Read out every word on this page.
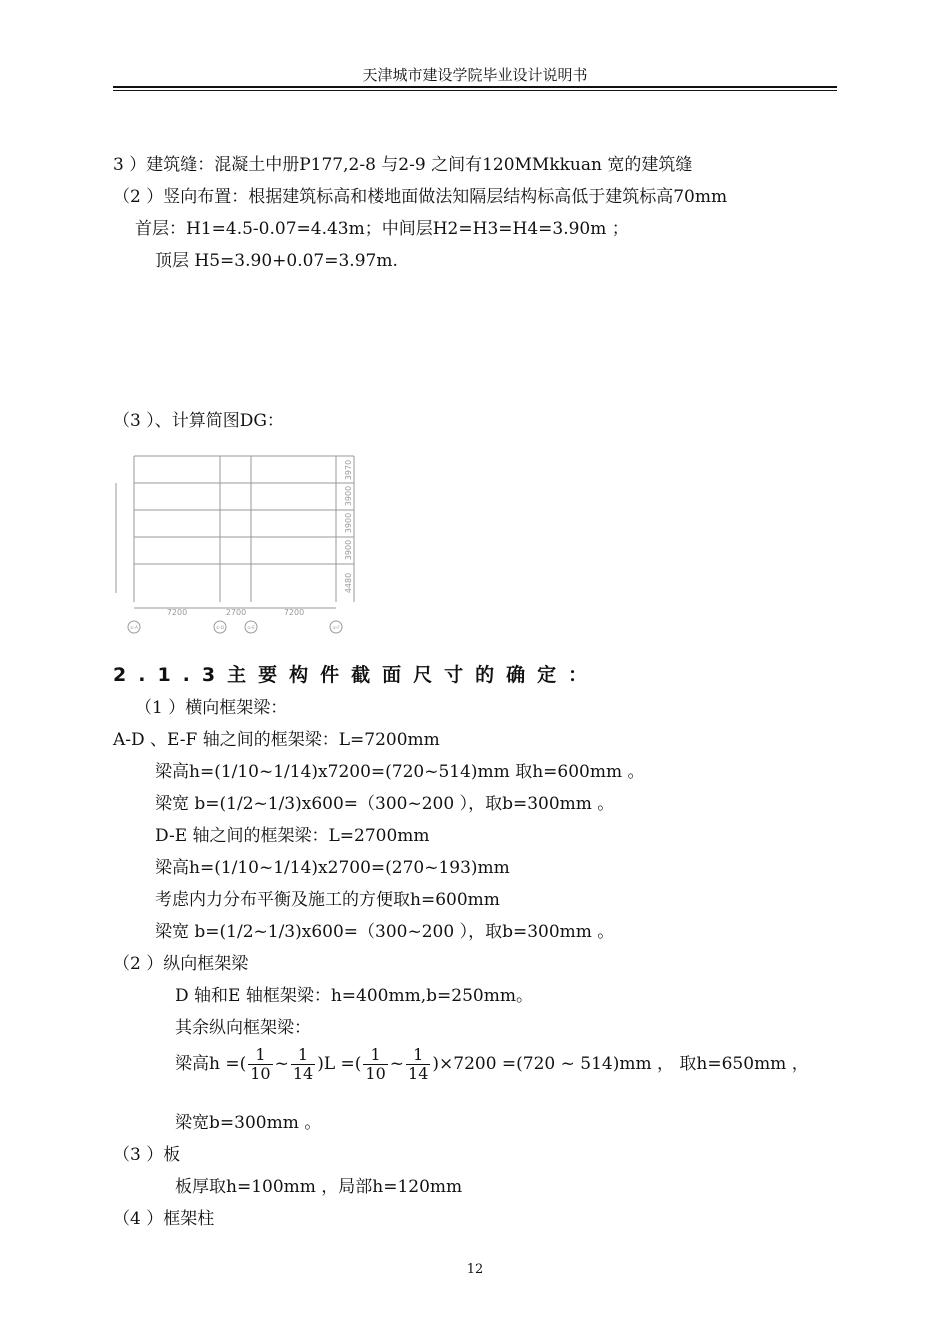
天津城市建设学院毕业设计说明书
3 ）建筑缝：混凝土中册P177,2-8 与2-9 之间有120MMkkuan 宽的建筑缝
（2 ）竖向布置：根据建筑标高和楼地面做法知隔层结构标高低于建筑标高70mm
首层：H1=4.5-0.07=4.43m；中间层H2=H3=H4=3.90m ；
顶层 H5=3.90+0.07=3.97m.
（3 ）、计算简图DG：
3970
3900
3900
3900
4480
7200	2700	7200
①-A	①-D	①-E	①-F
2.1.3主要构件截面尺寸的确定：
（1 ）横向框架梁：
A-D 、E-F 轴之间的框架梁：L=7200mm
梁高h=(1/10~1/14)x7200=(720~514)mm 取h=600mm 。
梁宽 b=(1/2~1/3)x600=（300~200 ），取b=300mm 。
D-E 轴之间的框架梁：L=2700mm
梁高h=(1/10~1/14)x2700=(270~193)mm
考虑内力分布平衡及施工的方便取h=600mm
梁宽 b=(1/2~1/3)x600=（300~200 ），取b=300mm 。
（2 ）纵向框架梁
D 轴和E 轴框架梁：h=400mm,b=250mm。
其余纵向框架梁：
梁高h =( $\frac{1}{10}$ ~ $\frac{1}{14} )L$ =( $\frac{1}{10}$ ~ $\frac{1}{14} )\times 7200 =(720$ ~ 514)mm ， 取h=650mm ，
梁宽b=300mm 。
（3 ）板
板厚取h=100mm ，局部h=120mm
（4 ）框架柱
12
